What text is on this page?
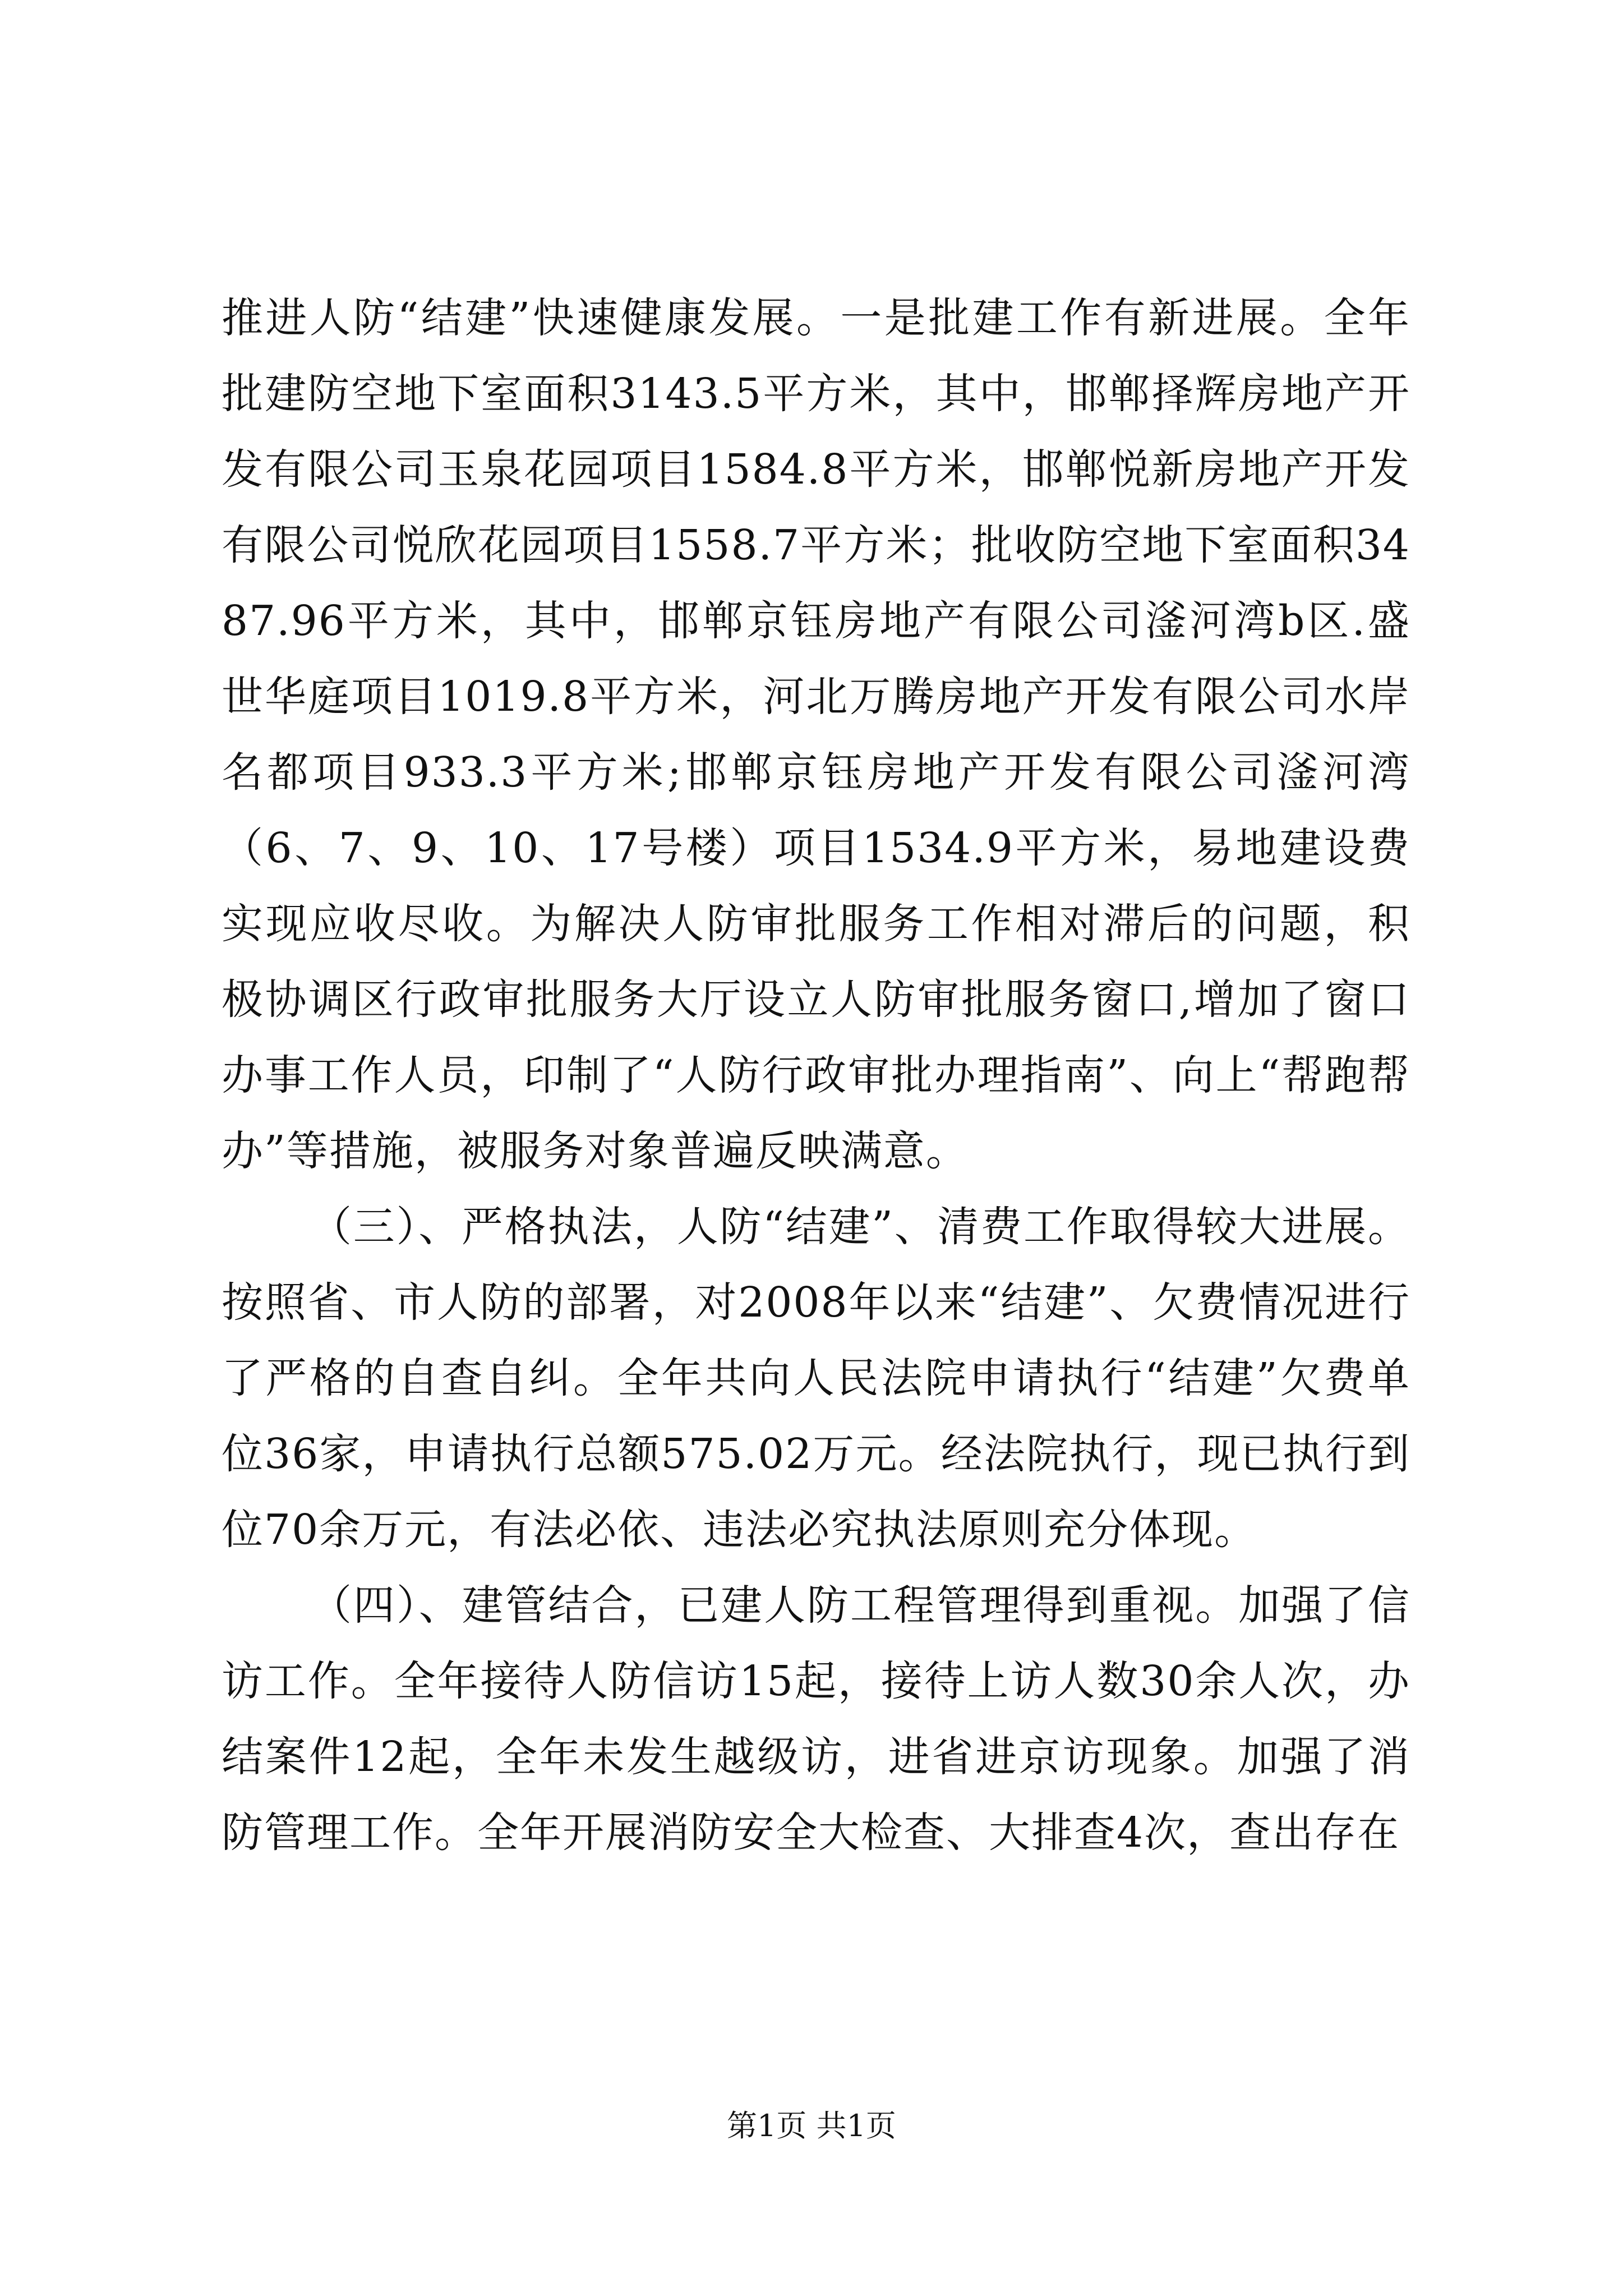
推进人防“结建”快速健康发展。一是批建工作有新进展。全年批建防空地下室面积3143.5平方米，其中，邯郸择辉房地产开发有限公司玉泉花园项目1584.8平方米，邯郸悦新房地产开发有限公司悦欣花园项目1558.7平方米；批收防空地下室面积3487.96平方米，其中，邯郸京钰房地产有限公司滏河湾b区.盛世华庭项目1019.8平方米，河北万腾房地产开发有限公司水岸名都项目933.3平方米;邯郸京钰房地产开发有限公司滏河湾（6、7、9、10、17号楼）项目1534.9平方米，易地建设费实现应收尽收。为解决人防审批服务工作相对滞后的问题，积极协调区行政审批服务大厅设立人防审批服务窗口,增加了窗口办事工作人员，印制了“人防行政审批办理指南”、向上“帮跑帮办”等措施，被服务对象普遍反映满意。

（三）、严格执法，人防“结建”、清费工作取得较大进展。按照省、市人防的部署，对2008年以来“结建”、欠费情况进行了严格的自查自纠。全年共向人民法院申请执行“结建”欠费单位36家，申请执行总额575.02万元。经法院执行，现已执行到位70余万元，有法必依、违法必究执法原则充分体现。

（四）、建管结合，已建人防工程管理得到重视。加强了信访工作。全年接待人防信访15起，接待上访人数30余人次，办结案件12起，全年未发生越级访，进省进京访现象。加强了消防管理工作。全年开展消防安全大检查、大排查4次，查出存在

第1页 共1页
